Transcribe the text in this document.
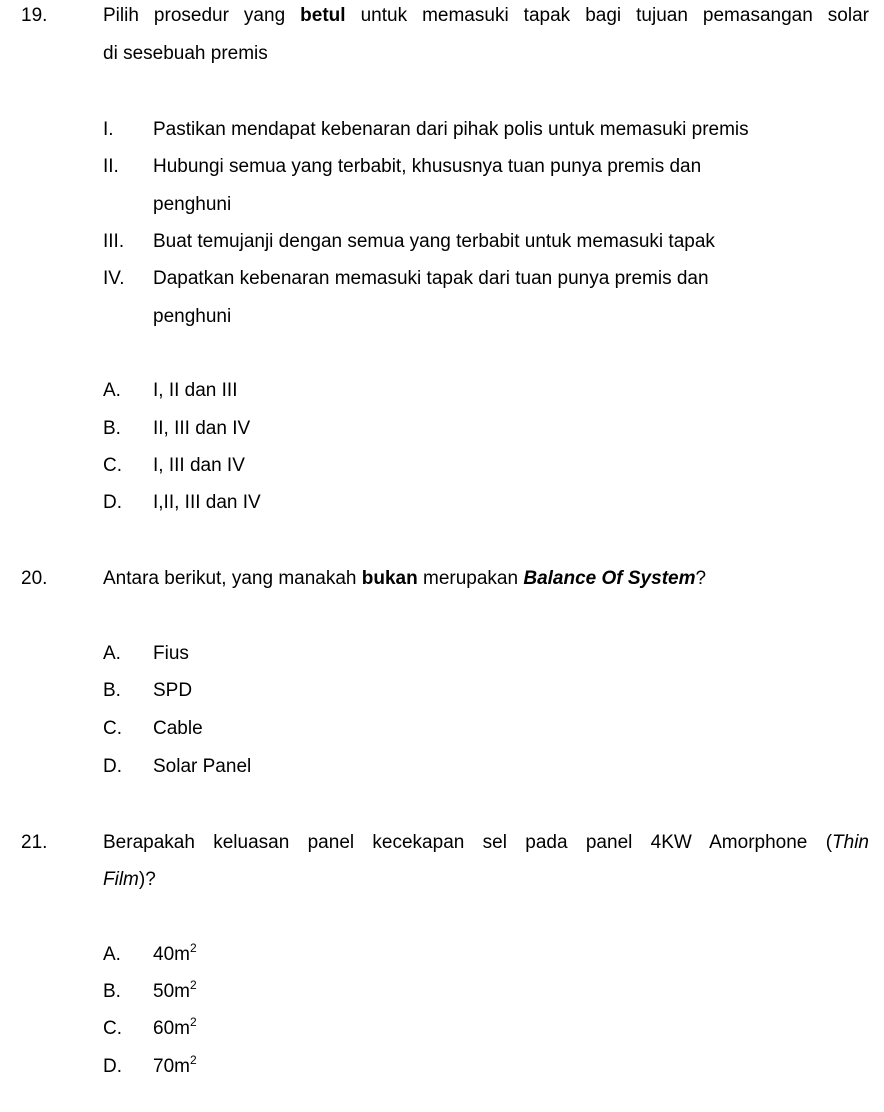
19.	Pilih prosedur yang betul untuk memasuki tapak bagi tujuan pemasangan solar
di sesebuah premis
I. Pastikan mendapat kebenaran dari pihak polis untuk memasuki premis
II. Hubungi semua yang terbabit, khususnya tuan punya premis dan
penghuni
III. Buat temujanji dengan semua yang terbabit untuk memasuki tapak
IV. Dapatkan kebenaran memasuki tapak dari tuan punya premis dan
penghuni
A. I, II dan III
B. II, III dan IV
C. I, III dan IV
D. I,II, III dan IV
20.	Antara berikut, yang manakah bukan merupakan Balance Of System?
A. Fius
B. SPD
C. Cable
D. Solar Panel
21.	Berapakah keluasan panel kecekapan sel pada panel 4KW Amorphone (Thin
Film)?
A. $40m^2$
B. $50m^2$
C. $60m^2$
D. $70m^2$
